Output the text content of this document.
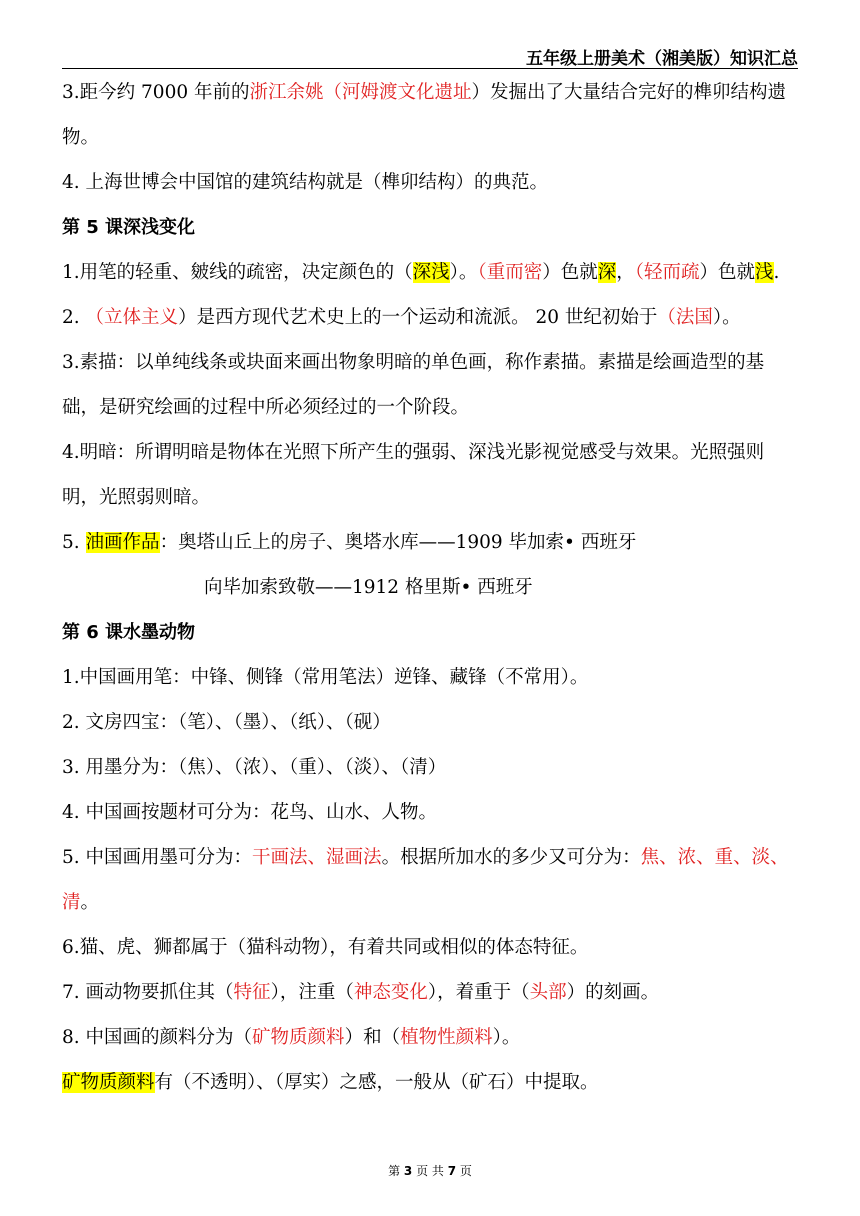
五年级上册美术（湘美版）知识汇总

3.距今约 7000 年前的浙江余姚（河姆渡文化遗址）发掘出了大量结合完好的榫卯结构遗物。

4. 上海世博会中国馆的建筑结构就是（榫卯结构）的典范。

第 5 课深浅变化

1.用笔的轻重、皴线的疏密，决定颜色的（深浅）。（重而密）色就深，（轻而疏）色就浅.

2. （立体主义）是西方现代艺术史上的一个运动和流派。 20 世纪初始于（法国）。

3.素描：以单纯线条或块面来画出物象明暗的单色画，称作素描。素描是绘画造型的基础，是研究绘画的过程中所必须经过的一个阶段。

4.明暗：所谓明暗是物体在光照下所产生的强弱、深浅光影视觉感受与效果。光照强则明，光照弱则暗。

5. 油画作品：奥塔山丘上的房子、奥塔水库——1909 毕加索• 西班牙

向毕加索致敬——1912 格里斯• 西班牙

第 6 课水墨动物

1.中国画用笔：中锋、侧锋（常用笔法）逆锋、藏锋（不常用）。

2. 文房四宝：（笔）、（墨）、（纸）、（砚）

3. 用墨分为：（焦）、（浓）、（重）、（淡）、（清）

4. 中国画按题材可分为：花鸟、山水、人物。

5. 中国画用墨可分为：干画法、湿画法。根据所加水的多少又可分为：焦、浓、重、淡、清。

6.猫、虎、狮都属于（猫科动物），有着共同或相似的体态特征。

7. 画动物要抓住其（特征），注重（神态变化），着重于（头部）的刻画。

8. 中国画的颜料分为（矿物质颜料）和（植物性颜料）。

矿物质颜料有（不透明）、（厚实）之感，一般从（矿石）中提取。

第 3 页 共 7 页
